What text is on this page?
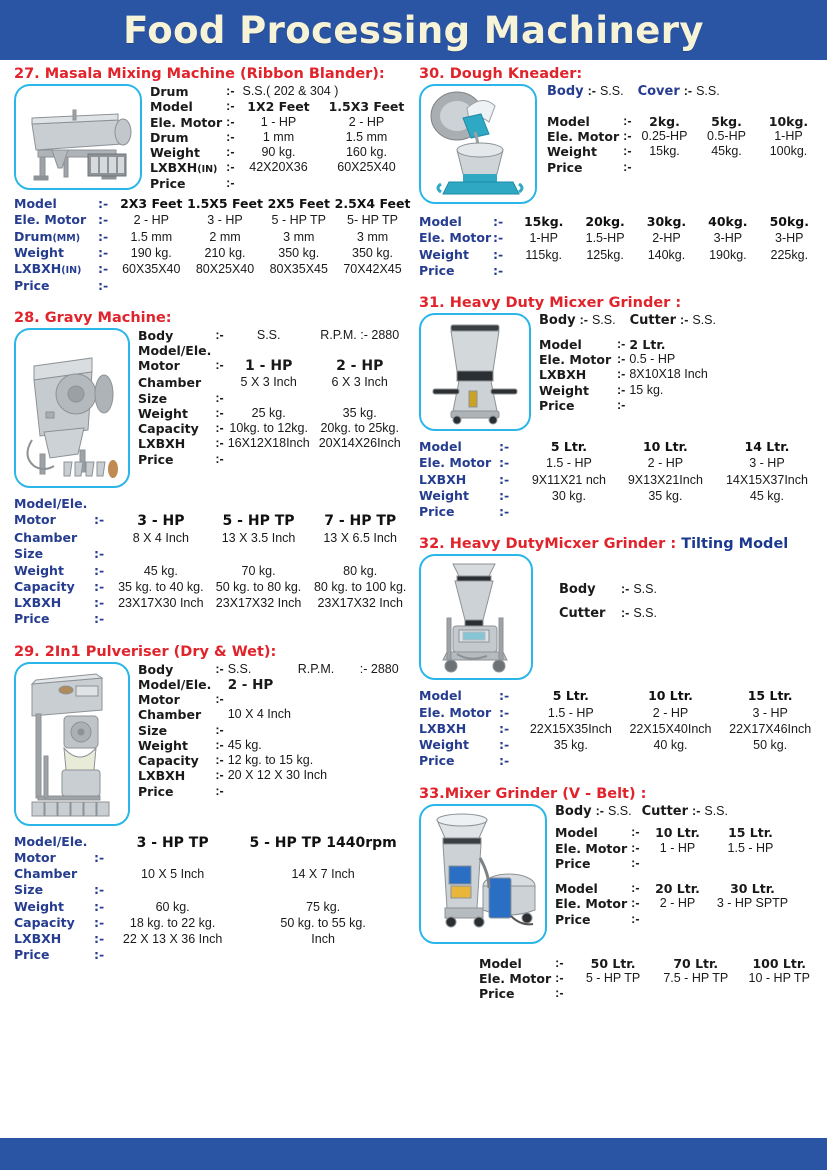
Food Processing Machinery
27. Masala Mixing Machine (Ribbon Blander):
Drum	:-	S.S.( 202 & 304 )	
Model	:-	1X2 Feet	1.5X3 Feet
Ele. Motor	:-	1 - HP	2 - HP
Drum	:-	1 mm	1.5 mm
Weight	:-	90 kg.	160 kg.
LXBXH(IN)	:-	42X20X36	60X25X40
Price	:-		
Model	:-	2X3 Feet	1.5X5 Feet	2X5 Feet	2.5X4 Feet
Ele. Motor	:-	2 - HP	3 - HP	5 - HP TP	5- HP TP
Drum(MM)	:-	1.5 mm	2 mm	3 mm	3 mm
Weight	:-	190 kg.	210 kg.	350 kg.	350 kg.
LXBXH(IN)	:-	60X35X40	80X25X40	80X35X45	70X42X45
Price	:-				
28. Gravy Machine:
Body	:-	S.S.	R.P.M. :- 2880
Model/Ele.			
Motor	:-	1 - HP	2 - HP
Chamber		5 X 3 Inch	6 X 3 Inch
Size	:-		
Weight	:-	25 kg.	35 kg.
Capacity	:-	10kg. to 12kg.	20kg. to 25kg.
LXBXH	:-	16X12X18Inch	20X14X26Inch
Price	:-		
Model/Ele.				
Motor	:-	3 - HP	5 - HP TP	7 - HP TP
Chamber		8 X 4 Inch	13 X 3.5 Inch	13 X 6.5 Inch
Size	:-			
Weight	:-	45 kg.	70 kg.	80 kg.
Capacity	:-	35 kg. to 40 kg.	50 kg. to 80 kg.	80 kg. to 100 kg.
LXBXH	:-	23X17X30 Inch	23X17X32 Inch	23X17X32 Inch
Price	:-			
29. 2In1 Pulveriser (Dry & Wet):
Body	:-	S.S.	R.P.M. :- 2880
Model/Ele.		2 - HP	
Motor	:-		
Chamber		10 X 4 Inch	
Size	:-		
Weight	:-	45 kg.	
Capacity	:-	12 kg. to 15 kg.	
LXBXH	:-	20 X 12 X 30 Inch	
Price	:-		
Model/Ele.		3 - HP TP	5 - HP TP 1440rpm
Motor	:-		
Chamber		10 X 5 Inch	14 X 7 Inch
Size	:-		
Weight	:-	60 kg.	75 kg.
Capacity	:-	18 kg. to 22 kg.	50 kg. to 55 kg.
LXBXH	:-	22 X 13 X 36 Inch	Inch
Price	:-		
30. Dough Kneader:
Body	:-	S.S.	Cover	:-	S.S.
Model	:-	2kg.	5kg.	10kg.
Ele. Motor	:-	0.25-HP	0.5-HP	1-HP
Weight	:-	15kg.	45kg.	100kg.
Price	:-			
Model	:-	15kg.	20kg.	30kg.	40kg.	50kg.
Ele. Motor	:-	1-HP	1.5-HP	2-HP	3-HP	3-HP
Weight	:-	115kg.	125kg.	140kg.	190kg.	225kg.
Price	:-					
31. Heavy Duty Micxer Grinder :
Body	:-	S.S.	Cutter	:-	S.S.
Model	:-	2 Ltr.
Ele. Motor	:-	0.5 - HP
LXBXH	:-	8X10X18 Inch
Weight	:-	15 kg.
Price	:-	
Model	:-	5 Ltr.	10 Ltr.	14 Ltr.
Ele. Motor	:-	1.5 - HP	2 - HP	3 - HP
LXBXH	:-	9X11X21 nch	9X13X21Inch	14X15X37Inch
Weight	:-	30 kg.	35 kg.	45 kg.
Price	:-			
32. Heavy DutyMicxer Grinder : Tilting Model
Body	:-	S.S.
Cutter	:-	S.S.
Model	:-	5 Ltr.	10 Ltr.	15 Ltr.
Ele. Motor	:-	1.5 - HP	2 - HP	3 - HP
LXBXH	:-	22X15X35Inch	22X15X40Inch	22X17X46Inch
Weight	:-	35 kg.	40 kg.	50 kg.
Price	:-			
33.Mixer Grinder (V - Belt) :
Body	:-	S.S.	Cutter	:-	S.S.
Model	:-	10 Ltr.	15 Ltr.
Ele. Motor	:-	1 - HP	1.5 - HP
Price	:-		
Model	:-	20 Ltr.	30 Ltr.
Ele. Motor	:-	2 - HP	3 - HP SPTP
Price	:-		
Model	:-	50 Ltr.	70 Ltr.	100 Ltr.
Ele. Motor	:-	5 - HP TP	7.5 - HP TP	10 - HP TP
Price	:-			
